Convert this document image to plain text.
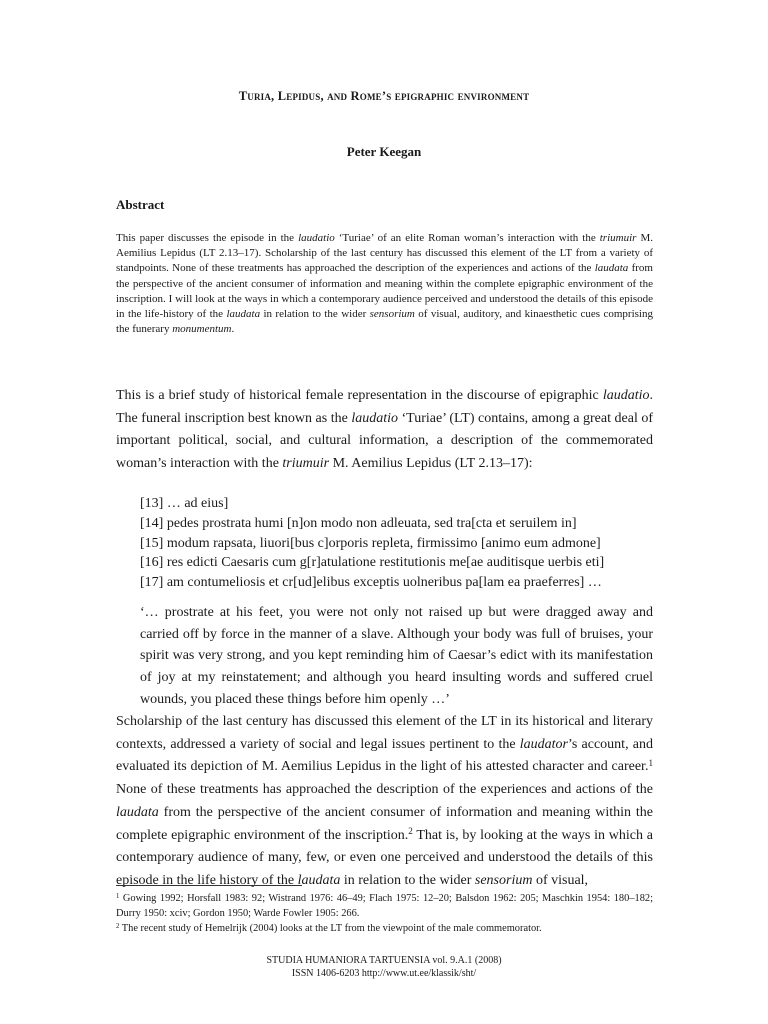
Turia, Lepidus, and Rome’s epigraphic environment
Peter Keegan
Abstract

This paper discusses the episode in the laudatio ‘Turiae’ of an elite Roman woman’s interaction with the triumuir M. Aemilius Lepidus (LT 2.13–17). Scholarship of the last century has discussed this element of the LT from a variety of standpoints. None of these treatments has approached the description of the experiences and actions of the laudata from the perspective of the ancient consumer of information and meaning within the complete epigraphic environment of the inscription. I will look at the ways in which a contemporary audience perceived and understood the details of this episode in the life-history of the laudata in relation to the wider sensorium of visual, auditory, and kinaesthetic cues comprising the funerary monumentum.

This is a brief study of historical female representation in the discourse of epigraphic laudatio. The funeral inscription best known as the laudatio ‘Turiae’ (LT) contains, among a great deal of important political, social, and cultural information, a description of the commemorated woman’s interaction with the triumuir M. Aemilius Lepidus (LT 2.13–17):

[13] … ad eius]
[14] pedes prostrata humi [n]on modo non adleuata, sed tra[cta et seruilem in]
[15] modum rapsata, liuori[bus c]orporis repleta, firmissimo [animo eum admone]
[16] res edicti Caesaris cum g[r]atulatione restitutionis me[ae auditisque uerbis eti]
[17] am contumeliosis et cr[ud]elibus exceptis uolneribus pa[lam ea praeferres] …

‘… prostrate at his feet, you were not only not raised up but were dragged away and carried off by force in the manner of a slave. Although your body was full of bruises, your spirit was very strong, and you kept reminding him of Caesar’s edict with its manifestation of joy at my reinstatement; and although you heard insulting words and suffered cruel wounds, you placed these things before him openly …’

Scholarship of the last century has discussed this element of the LT in its historical and literary contexts, addressed a variety of social and legal issues pertinent to the laudator’s account, and evaluated its depiction of M. Aemilius Lepidus in the light of his attested character and career.$^1$ None of these treatments has approached the description of the experiences and actions of the laudata from the perspective of the ancient consumer of information and meaning within the complete epigraphic environment of the inscription.$^2$ That is, by looking at the ways in which a contemporary audience of many, few, or even one perceived and understood the details of this episode in the life history of the laudata in relation to the wider sensorium of visual,

$^1$ Gowing 1992; Horsfall 1983: 92; Wistrand 1976: 46–49; Flach 1975: 12–20; Balsdon 1962: 205; Maschkin 1954: 180–182; Durry 1950: xciv; Gordon 1950; Warde Fowler 1905: 266.

$^2$ The recent study of Hemelrijk (2004) looks at the LT from the viewpoint of the male commemorator.

STUDIA HUMANIORA TARTUENSIA vol. 9.A.1 (2008)
ISSN 1406-6203 http://www.ut.ee/klassik/sht/
